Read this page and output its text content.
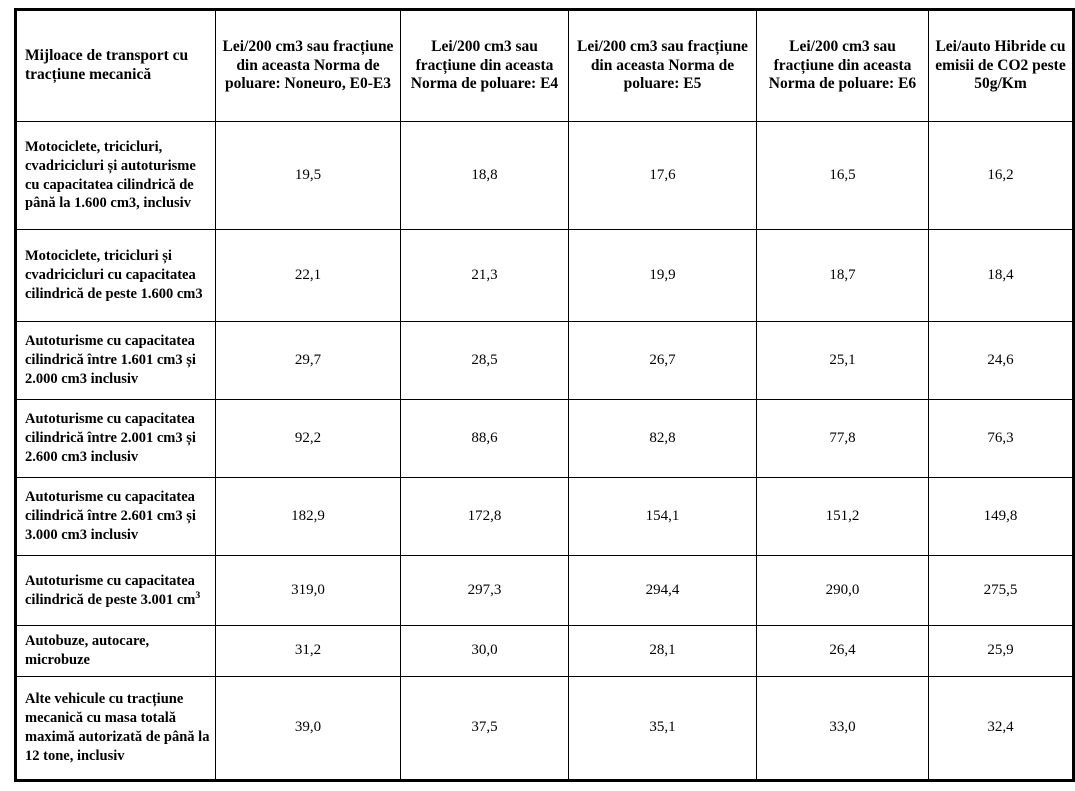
Mijloace de transport cu tracțiune mecanică	Lei/200 cm3 sau fracțiune din aceasta Norma de poluare: Noneuro, E0-E3	Lei/200 cm3 sau fracțiune din aceasta Norma de poluare: E4	Lei/200 cm3 sau fracțiune din aceasta Norma de poluare: E5	Lei/200 cm3 sau fracțiune din aceasta Norma de poluare: E6	Lei/auto Hibride cu emisii de CO2 peste 50g/Km
Motociclete, tricicluri, cvadricicluri și autoturisme cu capacitatea cilindrică de până la 1.600 cm3, inclusiv	19,5	18,8	17,6	16,5	16,2
Motociclete, tricicluri și cvadricicluri cu capacitatea cilindrică de peste 1.600 cm3	22,1	21,3	19,9	18,7	18,4
Autoturisme cu capacitatea cilindrică între 1.601 cm3 și 2.000 cm3 inclusiv	29,7	28,5	26,7	25,1	24,6
Autoturisme cu capacitatea cilindrică între 2.001 cm3 și 2.600 cm3 inclusiv	92,2	88,6	82,8	77,8	76,3
Autoturisme cu capacitatea cilindrică între 2.601 cm3 și 3.000 cm3 inclusiv	182,9	172,8	154,1	151,2	149,8
Autoturisme cu capacitatea cilindrică de peste 3.001 $cm^3$	319,0	297,3	294,4	290,0	275,5
Autobuze, autocare, microbuze	31,2	30,0	28,1	26,4	25,9
Alte vehicule cu tracțiune mecanică cu masa totală maximă autorizată de până la 12 tone, inclusiv	39,0	37,5	35,1	33,0	32,4
